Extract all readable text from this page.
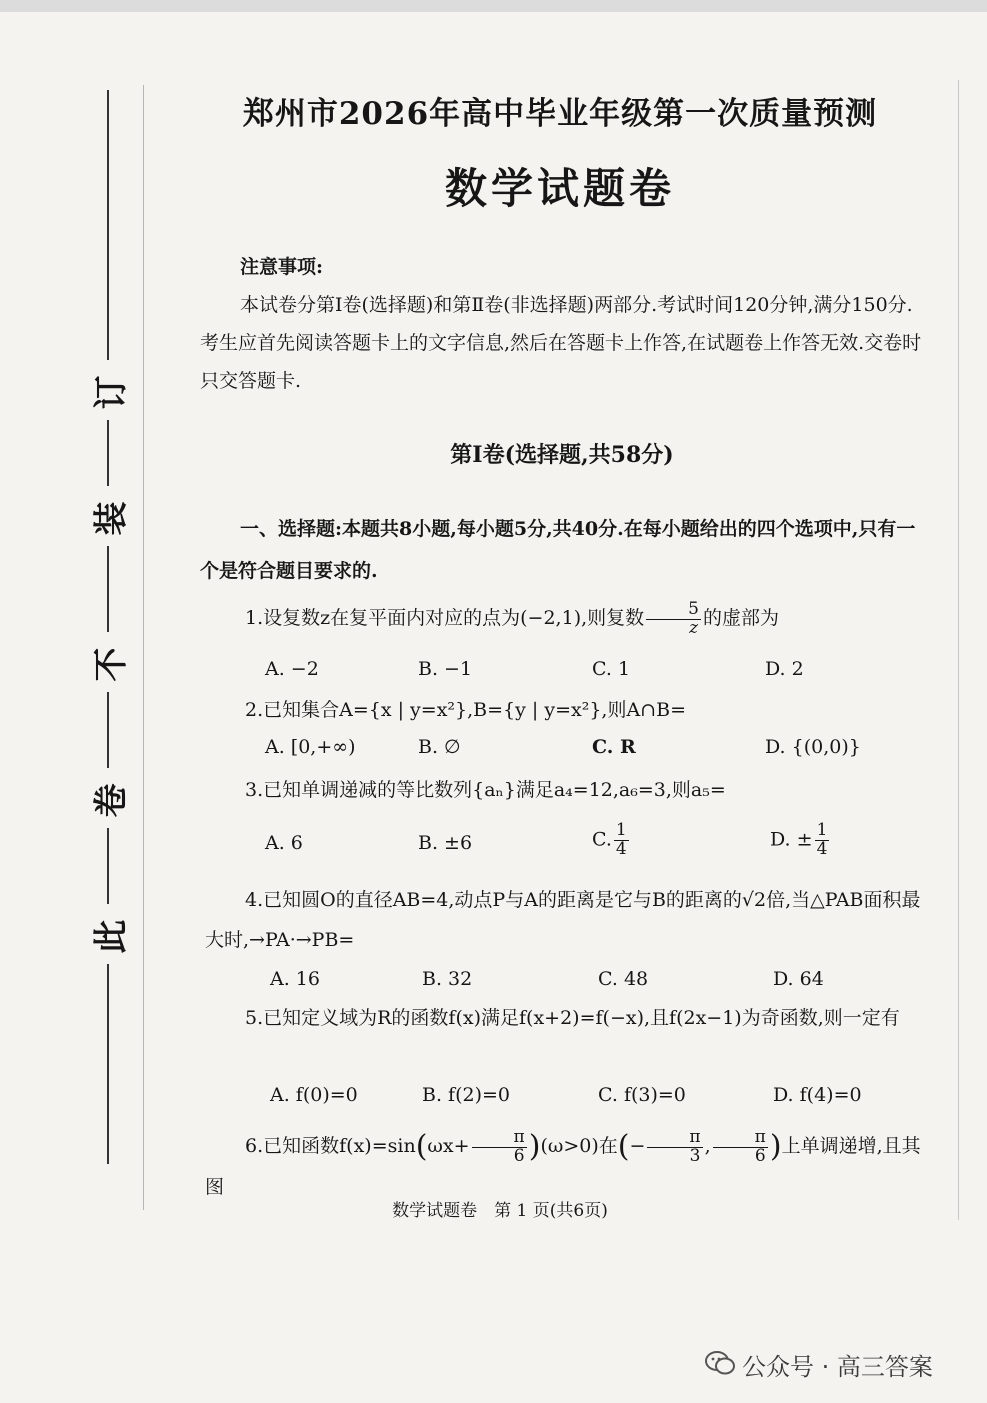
订
装
不
卷
此
郑州市2026年高中毕业年级第一次质量预测
数学试题卷
注意事项:
本试卷分第Ⅰ卷(选择题)和第Ⅱ卷(非选择题)两部分.考试时间120分钟,满分150分.考生应首先阅读答题卡上的文字信息,然后在答题卡上作答,在试题卷上作答无效.交卷时只交答题卡.
第Ⅰ卷(选择题,共58分)
一、选择题:本题共8小题,每小题5分,共40分.在每小题给出的四个选项中,只有一个是符合题目要求的.
1.设复数z在复平面内对应的点为(−2,1),则复数 $\frac{5}{z}$ 的虚部为
A. −2	B. −1	C. 1	D. 2
2.已知集合A={x | y=x²},B={y | y=x²},则A∩B=
A. [0,+∞)	B. ∅	C. R	D. {(0,0)}
3.已知单调递减的等比数列{aₙ}满足a₄=12,a₆=3,则a₅=
A. 6	B. ±6	C. $\frac{1}{4}$	D. ± $\frac{1}{4}$
4.已知圆O的直径AB=4,动点P与A的距离是它与B的距离的√2倍,当△PAB面积最大时,→PA·→PB=
A. 16	B. 32	C. 48	D. 64
5.已知定义域为R的函数f(x)满足f(x+2)=f(−x),且f(2x−1)为奇函数,则一定有
A. f(0)=0	B. f(2)=0	C. f(3)=0	D. f(4)=0
6.已知函数$f(x)=\sin(\omega x+ \frac{\pi}{6} )(\omega>0)$在(− $\frac{\pi}{3}$ , $\frac{\pi}{6}$ )上单调递增,且其图
数学试题卷　第 1 页(共6页)
公众号 · 高三答案
